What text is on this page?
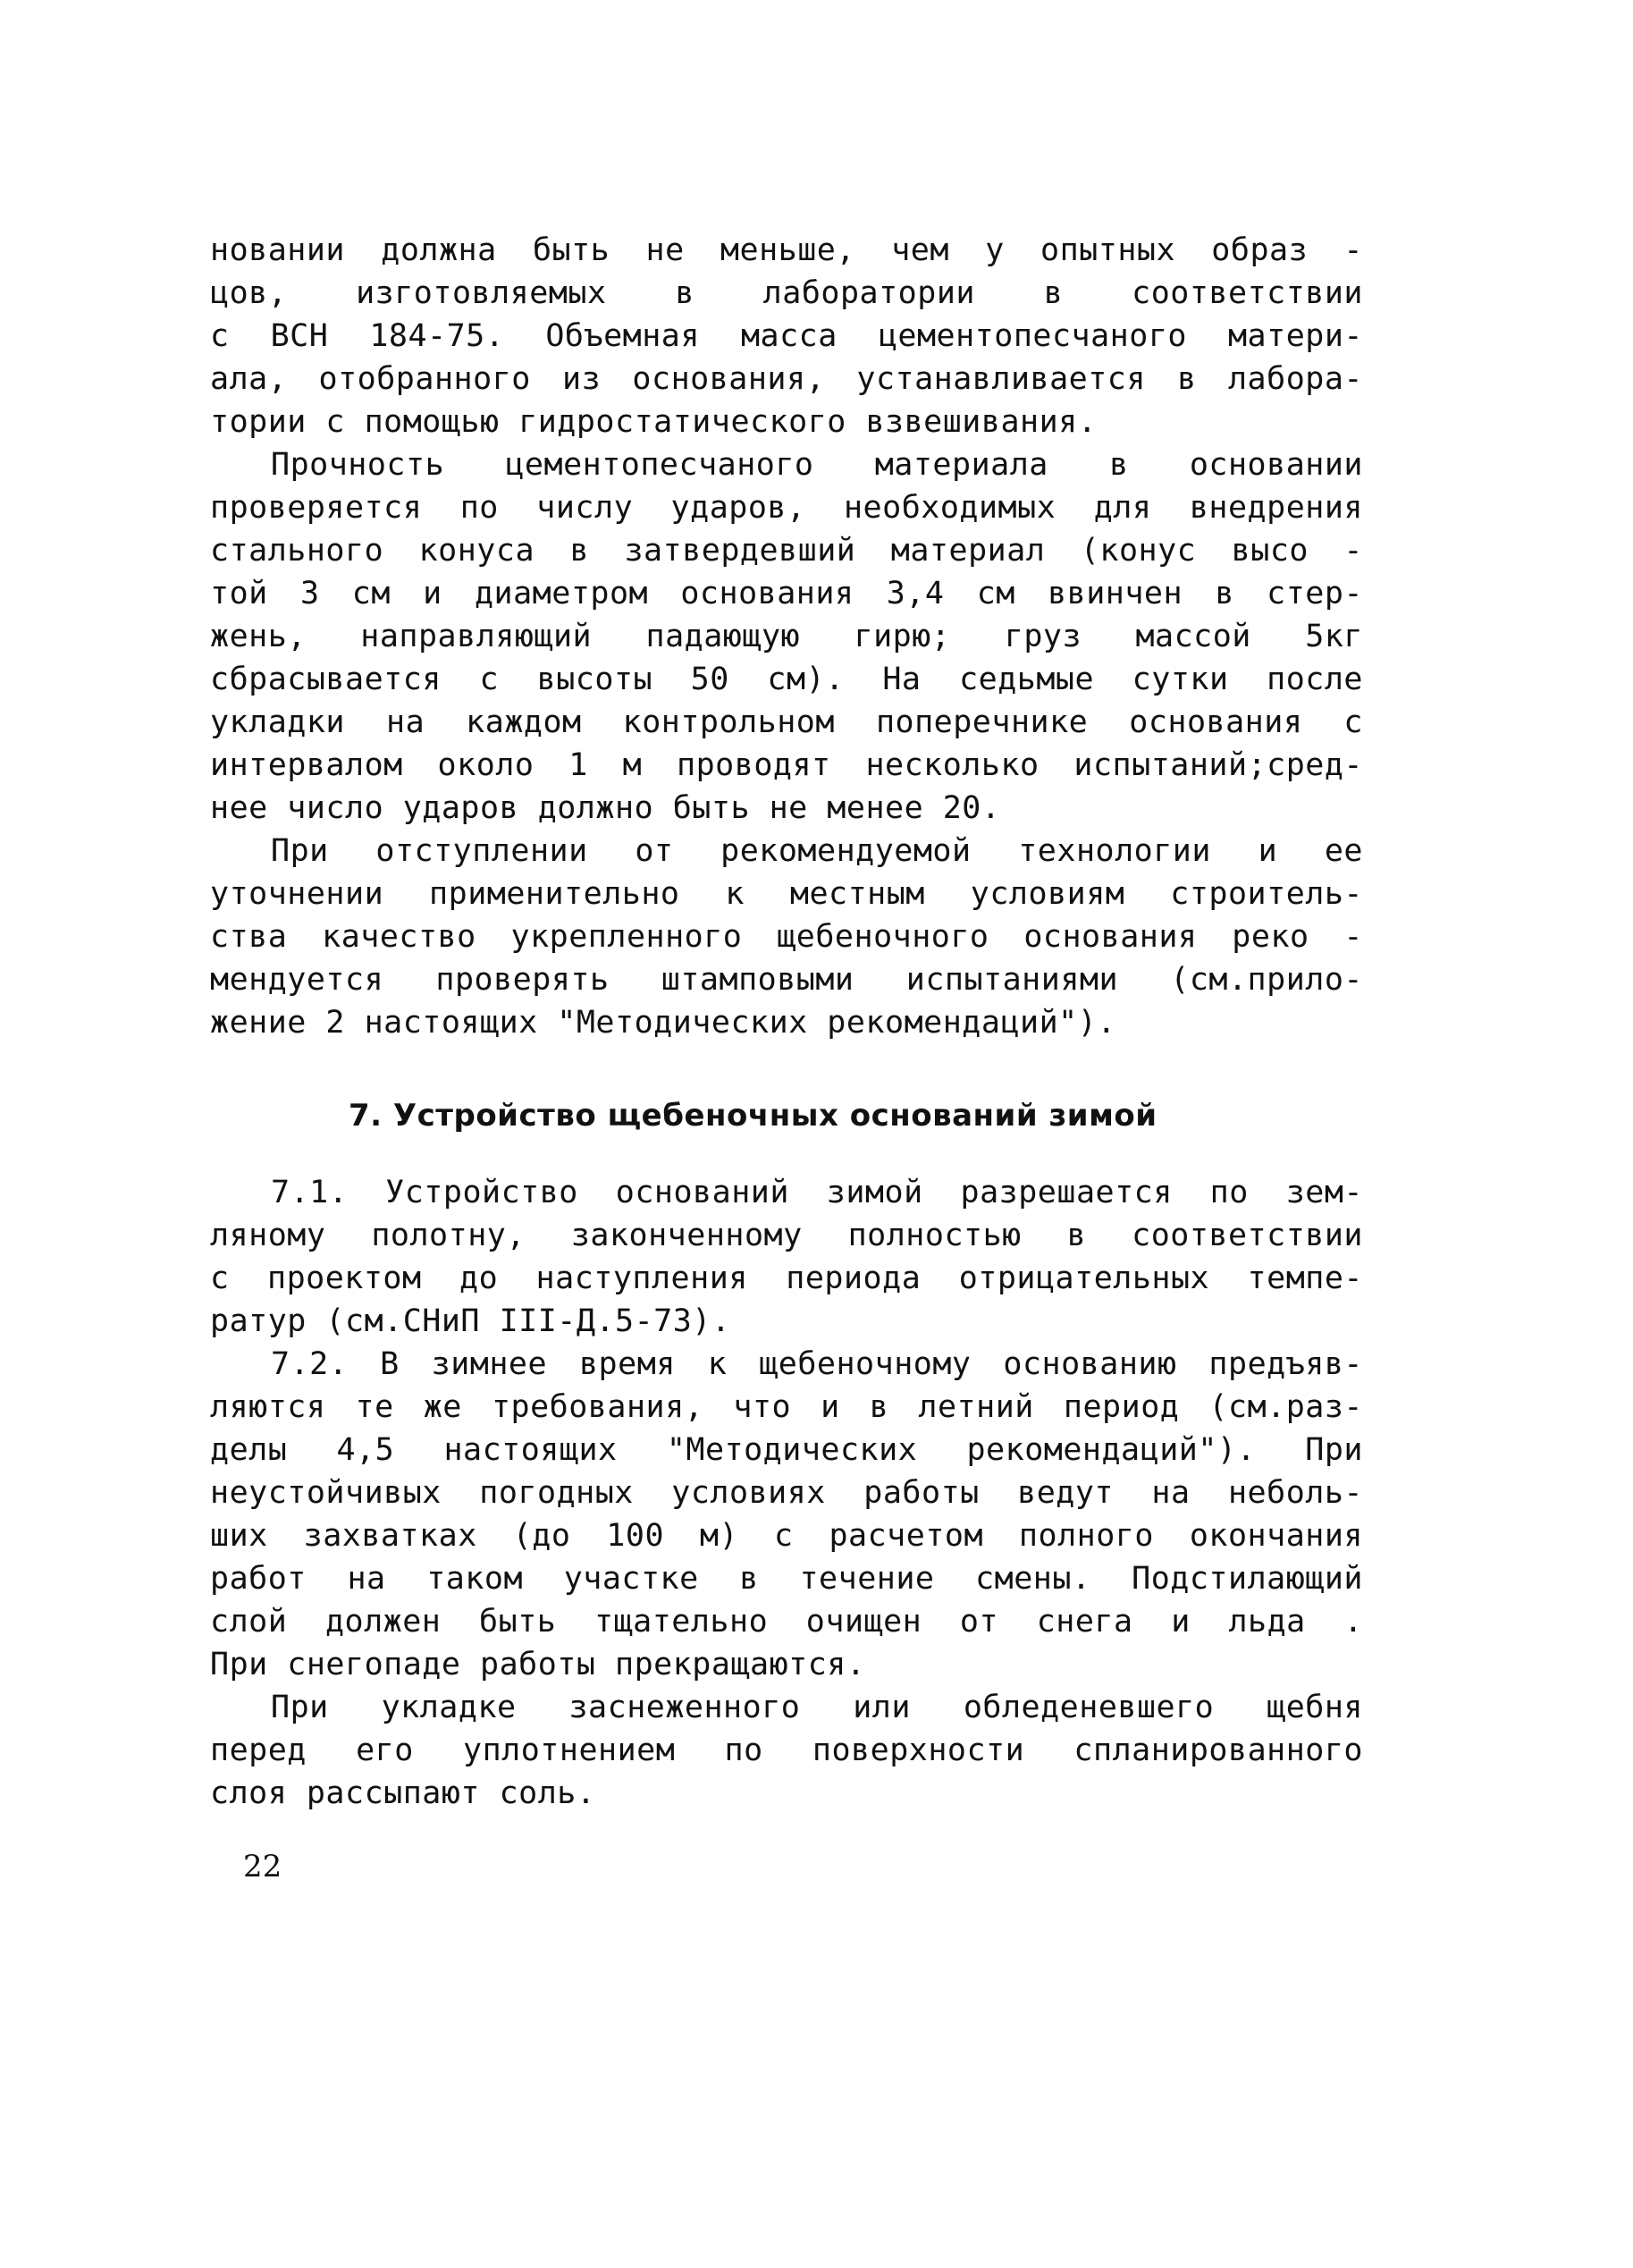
новании должна быть не меньше, чем у опытных образ -
цов, изготовляемых в лаборатории в соответствии
с ВСН 184-75. Объемная масса цементопесчаного матери-
ала, отобранного из основания, устанавливается в лабора-
тории с помощью гидростатического взвешивания.
Прочность цементопесчаного материала в основании
проверяется по числу ударов, необходимых для внедрения
стального конуса в затвердевший материал (конус высо -
той 3 см и диаметром основания 3,4 см ввинчен в стер-
жень, направляющий падающую гирю; груз массой 5кг
сбрасывается с высоты 50 см). На седьмые сутки после
укладки на каждом контрольном поперечнике основания с
интервалом около 1 м проводят несколько испытаний;сред-
нее число ударов должно быть не менее 20.
При отступлении от рекомендуемой технологии и ее
уточнении применительно к местным условиям строитель-
ства качество укрепленного щебеночного основания реко -
мендуется проверять штамповыми испытаниями (см.прило-
жение 2 настоящих "Методических рекомендаций").
7. Устройство щебеночных оснований зимой
7.1. Устройство оснований зимой разрешается по зем-
ляному полотну, законченному полностью в соответствии
с проектом до наступления периода отрицательных темпе-
ратур (см.СНиП III-Д.5-73).
7.2. В зимнее время к щебеночному основанию предъяв-
ляются те же требования, что и в летний период (см.раз-
делы 4,5 настоящих "Методических рекомендаций"). При
неустойчивых погодных условиях работы ведут на неболь-
ших захватках (до 100 м) с расчетом полного окончания
работ на таком участке в течение смены. Подстилающий
слой должен быть тщательно очищен от снега и льда .
При снегопаде работы прекращаются.
При укладке заснеженного или обледеневшего щебня
перед его уплотнением по поверхности спланированного
слоя рассыпают соль.
22
